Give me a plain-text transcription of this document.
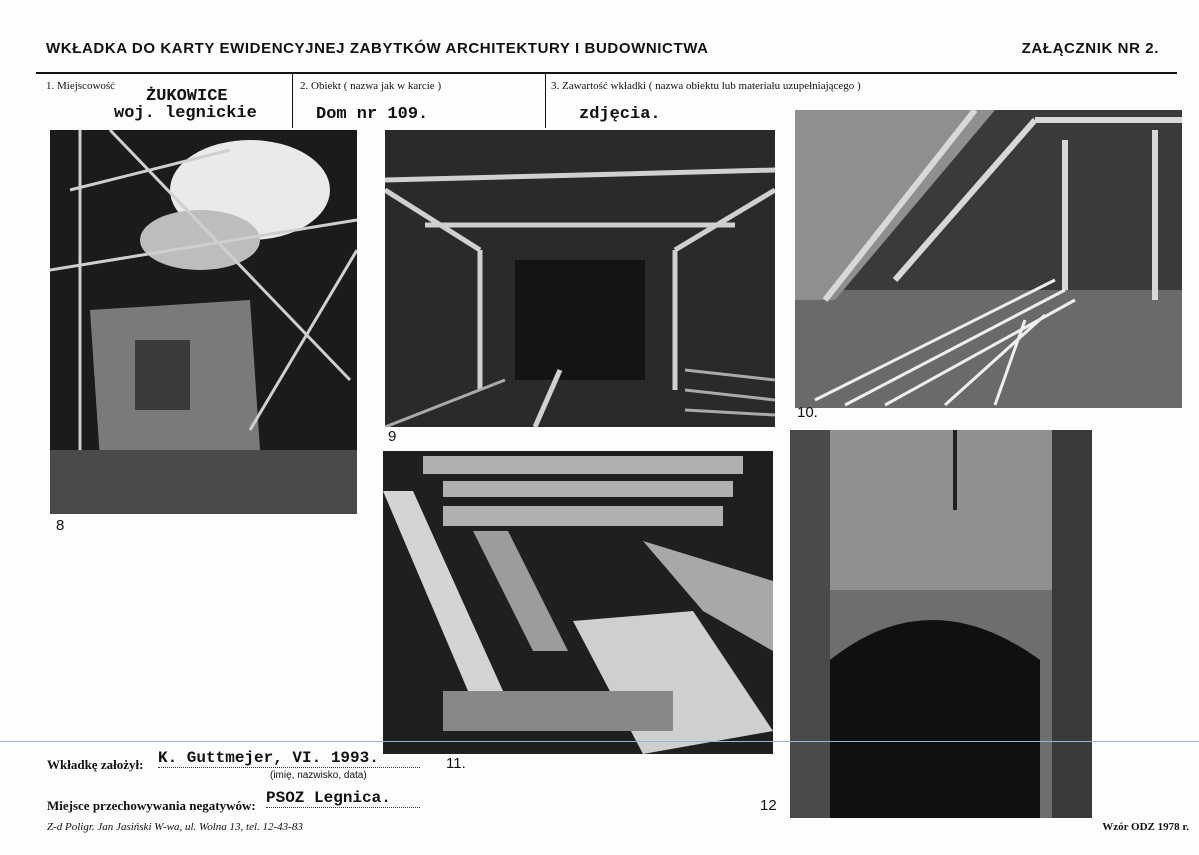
WKŁADKA DO KARTY EWIDENCYJNEJ ZABYTKÓW ARCHITEKTURY I BUDOWNICTWA	ZAŁĄCZNIK NR 2.
1. Miejscowość
ŻUKOWICE
woj. legnickie
2. Obiekt ( nazwa jak w karcie )
Dom nr 109.
3. Zawartość wkładki ( nazwa obiektu lub materiału uzupełniającego )
zdjęcia.
8
9
10.
11.
12
Wkładkę założył: K. Guttmejer, VI. 1993.
(imię, nazwisko, data)
Miejsce przechowywania negatywów: PSOZ Legnica.
Z-d Poligr. Jan Jasiński W-wa, ul. Wolna 13, tel. 12-43-83	Wzór ODZ 1978 r.
